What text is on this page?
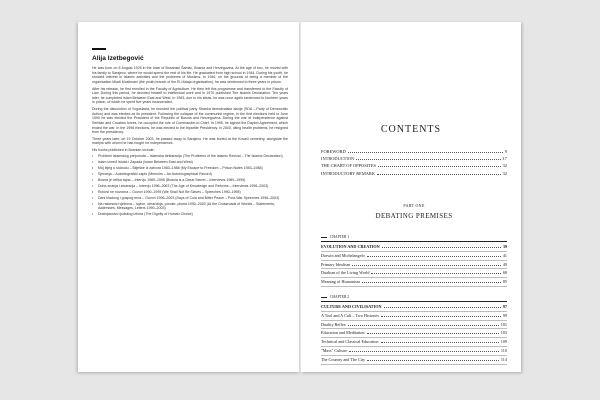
Alija Izetbegović

He was born on 8 August 1925 in the town of Bosanski Šamac, Bosnia and Herzegovina. At the age of two, he moved with his family to Sarajevo, where he would spend the rest of his life. He graduated from high school in 1944. During his youth, he showed interest in Islamic activities and the problems of Muslims. In 1946, on the grounds of being a member of the organisation Mladi Muslimani (the youth branch of the El-Hidaja organisation), he was sentenced to three years in prison.

After his release, he first enrolled in the Faculty of Agriculture. He then left this programme and transferred to the Faculty of Law. During this period, he devoted himself to intellectual work and in 1970 published The Islamic Declaration. Ten years later, he completed Islam Between East and West. In 1983, due to his ideas, he was once again sentenced to fourteen years in prison, of which he spent five years incarcerated.

During the dissolution of Yugoslavia, he founded the political party Stranka demokratske akcije (SDA – Party of Democratic Action) and was elected as its president. Following the collapse of the communist regime, in the first elections held in June 1990 he was elected the President of the Republic of Bosnia and Herzegovina. During the war of Independence against Serbian and Croatian forces, he occupied the role of Commander-in-Chief. In 1995, he signed the Dayton Agreement, which ended the war. In the 1996 elections, he was elected to the tripartite Presidency. In 2000, citing health problems, he resigned from the presidency.

Three years later, on 19 October 2003, he passed away in Sarajevo. He was buried at the Kovači cemetery, alongside the martyrs with whom he had fought for independence.

His books published in Bosnian include:
• Problemi islamskog preporoda – Islamska deklaracija (The Problems of the Islamic Revival – The Islamic Declaration)
• Islam izmeđ Istoka i Zapada (Islam Between East and West)
• Moj bijeg u slobodu – Bilješke iz zatvora 1983–1988 (My Escape to Freedom – Prison Notes 1983–1988)
• Sjećanja – Autobiografski zapis (Memoirs – An Autobiographical Record)
• Bosna je velika tajna – Intervju 1989–1995 (Bosnia is a Great Secret – Interviews 1989–1995)
• Doba znanja i stvaranja – Intervju 1996–2003 (The Age of Knowledge and Reforms – Interviews 1996–2003)
• Robovi ne novcima – Govori 1990–1995 (We Shall Not Be Slaves – Speeches 1990–1995)
• Dani hladnog i gospog mira – Govori 1996–2003 (Days of Cold and Bitter Peace – Post-War Speeches 1996–2003)
• Na raskrsnici vjetrova – Izjave, obraćanja, poruke, pisma 1990–2003 (At the Crossroads of Worlds – Statements, Addresses, Messages, Letters 1990–2003)
• Dostojanstvo ljudskog izbora (The Dignity of Human Choice)
CONTENTS
FOREWORD	9
INTRODUCTION	17
THE CHART OF OPPOSITES	32
INTRODUCTORY REMARK	32
PART ONE
DEBATING PREMISES
CHAPTER 1
EVOLUTION AND CREATION	39
Darwin and Michelangelo	41
Primary Idealism	49
Dualism of the Living World	68
Meaning of Humanism	85
CHAPTER 2
CULTURE AND CIVILISATION	97
A Tool and A Cult – Two Histories	99
Duality Reflex	101
Education and Meditation	103
Technical and Classical Education	109
"Mass" Culture	110
The Country and The City	114
